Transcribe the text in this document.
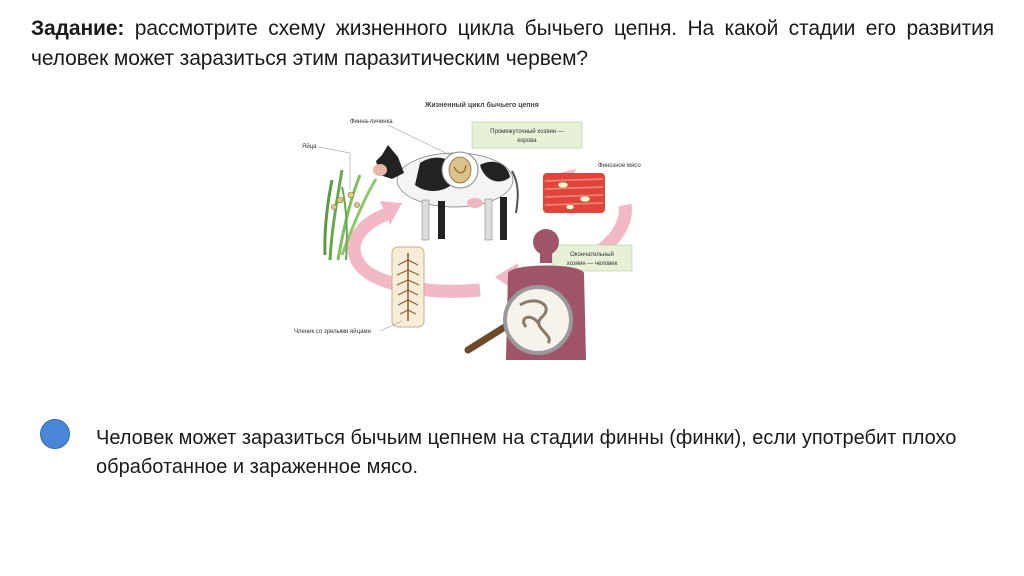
Задание: рассмотрите схему жизненного цикла бычьего цепня. На какой стадии его развития человек может заразиться этим паразитическим червем?
Жизненный цикл бычьего цепня
Яйца
Финна-личинка
Промежуточный хозяин —
корова
Финозное мясо
Окончательный
хозяин — человек
Членик со зрелыми яйцами
Человек может заразиться бычьим цепнем на стадии финны (финки), если употребит плохо обработанное и зараженное мясо.
